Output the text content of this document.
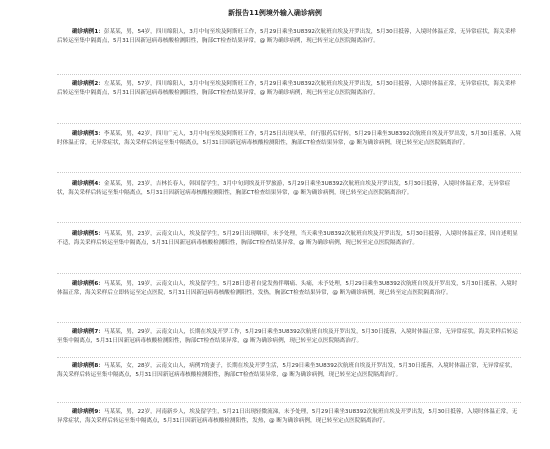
新报告11例境外输入确诊病例
确诊病例1：彭某某，男，54岁，四川绵阳人，3月中旬至埃及阿斯旺工作，5月29日乘坐3U8392次航班自埃及开罗出发，5月30日抵蓉，入境时体温正常，无异常症状，海关采样后转运至集中隔离点，5月31日因新冠病毒核酸检测阳性，胸部CT检查结果异常，@ 断为确诊病例，现已转至定点医院隔离治疗。
确诊病例2：左某某，男，57岁，四川绵阳人，3月中旬至埃及阿斯旺工作，5月29日乘坐3U8392次航班自埃及开罗出发，5月30日抵蓉，入境时体温正常，无异常症状，海关采样后转运至集中隔离点，5月31日因新冠病毒核酸检测阳性，胸部CT检查结果异常，@ 断为确诊病例，现已转至定点医院隔离治疗。
确诊病例3：李某某，男，42岁，四川广元人，3月中旬至埃及阿斯旺工作，5月25日出现头晕，自行服药后好转，5月29日乘坐3U8392次航班自埃及开罗出发，5月30日抵蓉，入境时体温正常，无异常症状，海关采样后转运至集中隔离点，5月31日因新冠病毒核酸检测阳性，胸部CT检查结果异常，@ 断为确诊病例，现已转至定点医院隔离治疗。
确诊病例4：金某某，男，23岁，吉林长春人，韩国留学生，3月中旬到埃及开罗旅游，5月29日乘坐3U8392次航班自埃及开罗出发，5月30日抵蓉，入境时体温正常，无异常症状，海关采样后转运至集中隔离点，5月31日因新冠病毒核酸检测阳性，胸部CT检查结果异常，@ 断为确诊病例，现已转至定点医院隔离治疗。
确诊病例5：马某某，男，23岁，云南文山人，埃及留学生，5月29日出现咽痒，未予处理，当天乘坐3U8392次航班自埃及开罗出发，5月30日抵蓉，入境时体温正常，因自述明显不适，海关采样后转运至集中隔离点，5月31日因新冠病毒核酸检测阳性，胸部CT检查结果异常，@ 断为确诊病例，现已转至定点医院隔离治疗。
确诊病例6：马某某，男，19岁，云南文山人，埃及留学生，5月28日患者自觉发热伴咽痛、头痛，未予处理，5月29日乘坐3U8392次航班自埃及开罗出发，5月30日抵蓉，入境时体温正常，海关采样后立即转运至定点医院，5月31日因新冠病毒核酸检测阳性，发热，胸部CT检查结果异常，@ 断为确诊病例，现已转至定点医院隔离治疗。
确诊病例7：马某某，男，29岁，云南文山人，长期在埃及开罗工作，5月29日乘坐3U8392次航班自埃及开罗出发，5月30日抵蓉，入境时体温正常，无异常症状，海关采样后转运至集中隔离点，5月31日因新冠病毒核酸检测阳性，胸部CT检查结果异常，@ 断为确诊病例，现已转至定点医院隔离治疗。
确诊病例8：马某某，女，28岁，云南文山人，病例7的妻子，长期在埃及开罗生活，5月29日乘坐3U8392次航班自埃及开罗出发，5月30日抵蓉，入境时体温正常，无异常症状，海关采样后转运至集中隔离点，5月31日因新冠病毒核酸检测阳性，胸部CT检查结果异常，@ 断为确诊病例，现已转至定点医院隔离治疗。
确诊病例9：马某某，男，22岁，河南新乡人，埃及留学生，5月21日出现轻微流涕，未予处理，5月29日乘坐3U8392次航班自埃及开罗出发，5月30日抵蓉，入境时体温正常，无异常症状，海关采样后转运至集中隔离点，5月31日因新冠病毒核酸检测阳性，发热，@ 断为确诊病例，现已转至定点医院隔离治疗。
